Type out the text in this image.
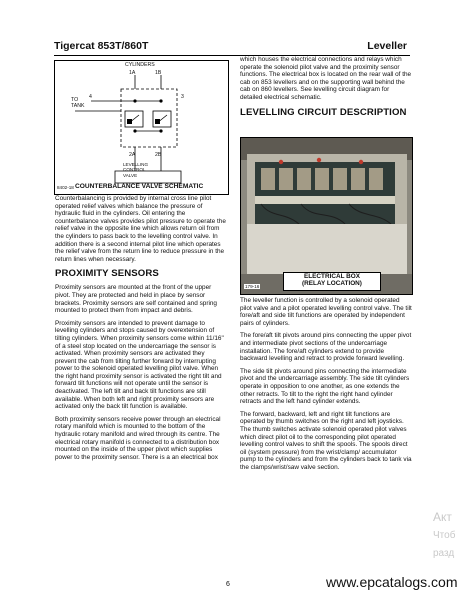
Tigercat 853T/860T	Leveller
CYLINDERS
1A	1B
TO
TANK
4	3
2A	2B
LEVELLING
CONTROL
VALVE
8402-18 COUNTERBALANCE VALVE SCHEMATIC

Counterbalancing is provided by internal cross line pilot operated relief valves which balance the pressure of hydraulic fluid in the cylinders. Oil entering the counterbalance valves provides pilot pressure to operate the relief valve in the opposite line which allows return oil from the cylinders to pass back to the levelling control valve. In addition there is a second internal pilot line which operates the relief valve from the return line to reduce pressure in the return lines when necessary.

PROXIMITY SENSORS

Proximity sensors are mounted at the front of the upper pivot. They are protected and held in place by sensor brackets. Proximity sensors are self contained and spring mounted to protect them from impact and debris.

Proximity sensors are intended to prevent damage to levelling cylinders and stops caused by overextension of tilting cylinders. When proximity sensors come within 11/16" of a steel stop located on the undercarriage the sensor is activated. When proximity sensors are activated they prevent the cab from tilting further forward by interrupting power to the solenoid operated levelling pilot valve. When the right hand proximity sensor is activated the right tilt and forward tilt functions will not operate until the sensor is deactivated. The left tilt and back tilt functions are still available. When both left and right proximity sensors are activated only the back tilt function is available.

Both proximity sensors receive power through an electrical rotary manifold which is mounted to the bottom of the hydraulic rotary manifold and wired through its centre. The electrical rotary manifold is connected to a distribution box mounted on the inside of the upper pivot which supplies power to the proximity sensor. There is a an electrical box

which houses the electrical connections and relays which operate the solenoid pilot valve and the proximity sensor functions. The electrical box is located on the rear wall of the cab on 853 levellers and on the supporting wall behind the cab on 860 levellers. See levelling circuit diagram for detailed electrical schematic.

LEVELLING CIRCUIT DESCRIPTION
ELECTRICAL BOX
(RELAY LOCATION)
179-16

The leveller function is controlled by a solenoid operated pilot valve and a pilot operated levelling control valve. The tilt fore/aft and side tilt functions are operated by independent pairs of cylinders.

The fore/aft tilt pivots around pins connecting the upper pivot and intermediate pivot sections of the undercarriage installation. The fore/aft cylinders extend to provide backward levelling and retract to provide forward levelling.

The side tilt pivots around pins connecting the intermediate pivot and the undercarriage assembly. The side tilt cylinders operate in opposition to one another, as one extends the other retracts. To tilt to the right the right hand cylinder retracts and the left hand cylinder extends.

The forward, backward, left and right tilt functions are operated by thumb switches on the right and left joysticks. The thumb switches activate solenoid operated pilot valves which direct pilot oil to the corresponding pilot operated levelling control valves to shift the spools. The spools direct oil (system pressure) from the wrist/clamp/ accumulator pump to the cylinders and from the cylinders back to tank via the clamps/wrist/saw valve section.

6	www.epcatalogs.com
Акт
Чтоб
разд
